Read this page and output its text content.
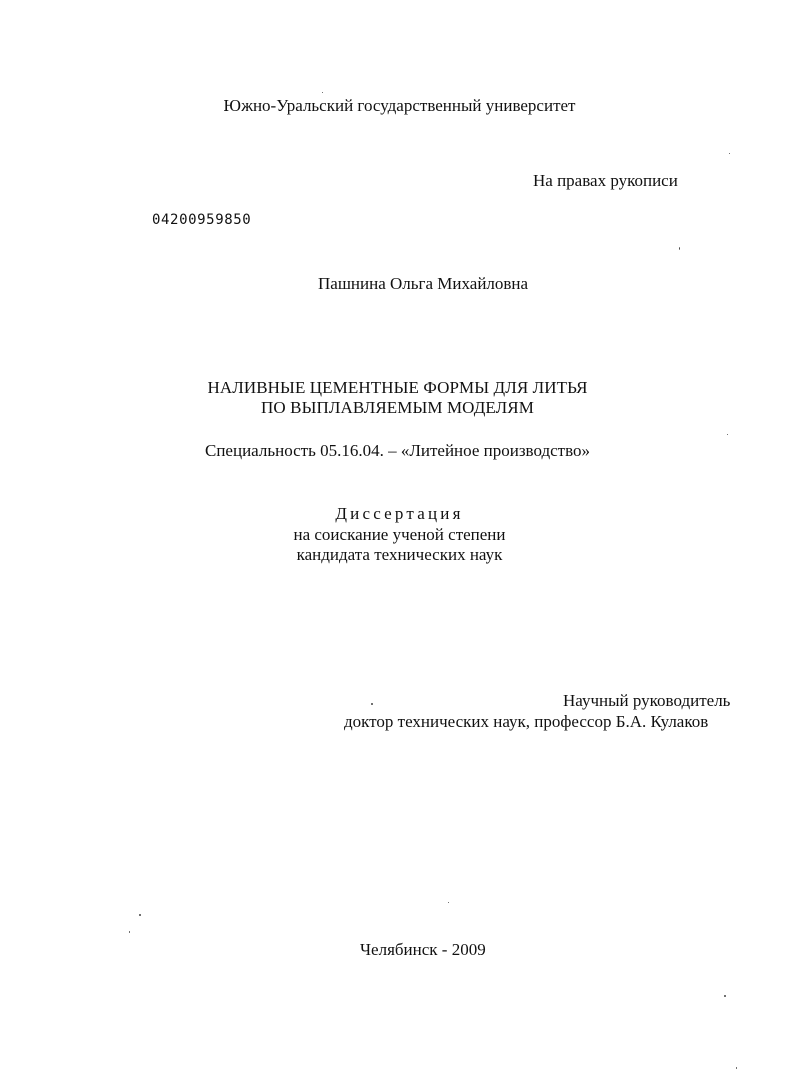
Южно-Уральский государственный университет
На правах рукописи
04200959850
Пашнина Ольга Михайловна
НАЛИВНЫЕ ЦЕМЕНТНЫЕ ФОРМЫ ДЛЯ ЛИТЬЯ
ПО ВЫПЛАВЛЯЕМЫМ МОДЕЛЯМ
Специальность 05.16.04. – «Литейное производство»
Диссертация
на соискание ученой степени
кандидата технических наук
Научный руководитель
доктор технических наук, профессор Б.А. Кулаков
Челябинск - 2009
